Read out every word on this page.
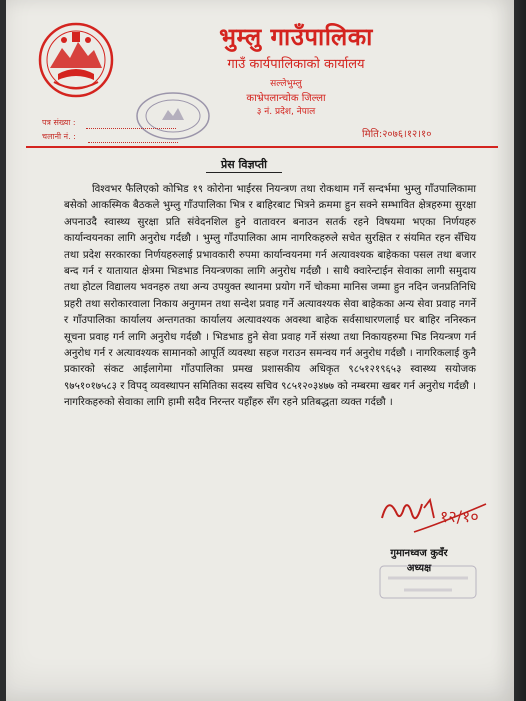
भुम्लु गाउँपालिका
गाउँ कार्यपालिकाको कार्यालय
सल्लेभुम्लु
काभ्रेपलान्चोक जिल्ला
३ नं. प्रदेश, नेपाल
पत्र संख्या :
चलानी नं. :	मिति:२०७६।१२।१०
प्रेस विज्ञप्ती
विश्वभर फैलिएको कोभिड १९ कोरोना भाईरस नियन्त्रण तथा रोकथाम गर्ने सन्दर्भमा भुम्लु गाँउपालिकामा बसेको आकस्मिक बैठकले भुम्लु गाँउपालिका भित्र र बाहिरबाट भित्रने क्रममा हुन सक्ने सम्भावित क्षेत्रहरुमा सुरक्षा अपनाउदै स्वास्थ्य सुरक्षा प्रति संवेदनशिल हुने वातावरन बनाउन सतर्क रहने विषयमा भएका निर्णयहरु कार्यान्वयनका लागि अनुरोध गर्दछौ । भुम्लु गाँउपालिका आम नागरिकहरुले सचेत सुरक्षित र संयमित रहन सँधिय तथा प्रदेश सरकारका निर्णयहरुलाई प्रभावकारी रुपमा कार्यान्वयनमा गर्न अत्यावश्यक बाहेकका पसल तथा बजार बन्द गर्न र यातायात क्षेत्रमा भिडभाड नियन्त्रणका लागि अनुरोध गर्दछौ । साथै क्वारेन्टाईन सेवाका लागी समुदाय तथा होटल विद्यालय भवनहरु तथा अन्य उपयुक्त स्थानमा प्रयोग गर्ने चोकमा मानिस जम्मा हुन नदिन जनप्रतिनिधि प्रहरी तथा सरोकारवाला निकाय अनुगमन तथा सन्देश प्रवाह गर्ने अत्यावश्यक सेवा बाहेकका अन्य सेवा प्रवाह नगर्ने र गाँउपालिका कार्यालय अन्तगतका कार्यालय अत्यावश्यक अवस्था बाहेक सर्वसाधारणलाई घर बाहिर ननिस्कन सूचना प्रवाह गर्न लागि अनुरोध गर्दछौ । भिडभाड हुने सेवा प्रवाह गर्ने संस्था तथा निकायहरुमा भिड नियन्त्रण गर्न अनुरोध गर्न र अत्यावश्यक सामानको आपूर्ति व्यवस्था सहज गराउन समन्वय गर्न अनुरोध गर्दछौ । नागरिकलाई कुनै प्रकारको संकट आईलागेमा गाँउपालिका प्रमख प्रशासकीय अधिकृत ९८५१२१९६५३ स्वास्थ्य सयोजक ९७५१०१७५८३ र विपद् व्यवस्थापन समितिका सदस्य सचिव ९८५१२०३४७७ को नम्बरमा खबर गर्न अनुरोध गर्दछौ । नागरिकहरुको सेवाका लागि हामी सदैव निरन्तर यहाँहरु सँग रहने प्रतिबद्धता व्यक्त गर्दछौ ।
१२/१०
गुमानध्वज कुवँर
अध्यक्ष
